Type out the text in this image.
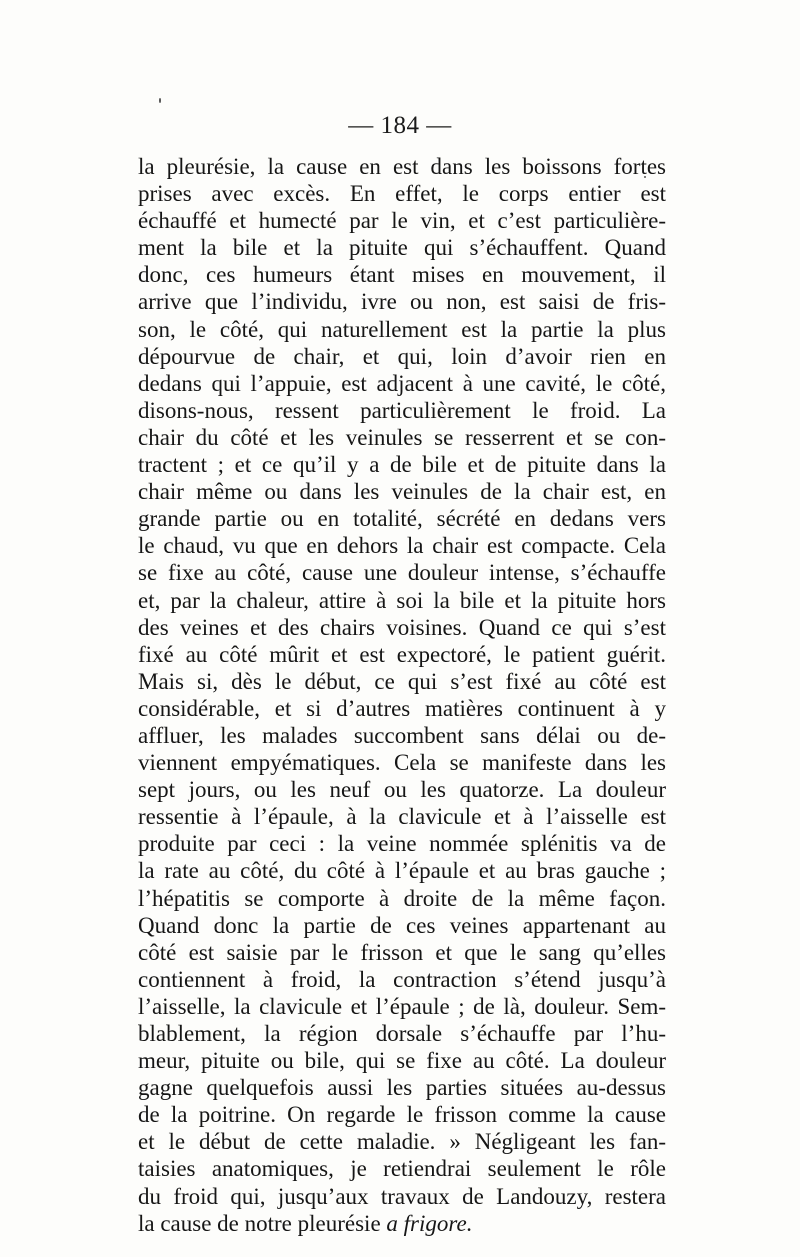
— 184 —
la pleurésie, la cause en est dans les boissons fortes
prises avec excès. En effet, le corps entier est
échauffé et humecté par le vin, et c’est particulière-
ment la bile et la pituite qui s’échauffent. Quand
donc, ces humeurs étant mises en mouvement, il
arrive que l’individu, ivre ou non, est saisi de fris-
son, le côté, qui naturellement est la partie la plus
dépourvue de chair, et qui, loin d’avoir rien en
dedans qui l’appuie, est adjacent à une cavité, le côté,
disons-nous, ressent particulièrement le froid. La
chair du côté et les veinules se resserrent et se con-
tractent ; et ce qu’il y a de bile et de pituite dans la
chair même ou dans les veinules de la chair est, en
grande partie ou en totalité, sécrété en dedans vers
le chaud, vu que en dehors la chair est compacte. Cela
se fixe au côté, cause une douleur intense, s’échauffe
et, par la chaleur, attire à soi la bile et la pituite hors
des veines et des chairs voisines. Quand ce qui s’est
fixé au côté mûrit et est expectoré, le patient guérit.
Mais si, dès le début, ce qui s’est fixé au côté est
considérable, et si d’autres matières continuent à y
affluer, les malades succombent sans délai ou de-
viennent empyématiques. Cela se manifeste dans les
sept jours, ou les neuf ou les quatorze. La douleur
ressentie à l’épaule, à la clavicule et à l’aisselle est
produite par ceci : la veine nommée splénitis va de
la rate au côté, du côté à l’épaule et au bras gauche ;
l’hépatitis se comporte à droite de la même façon.
Quand donc la partie de ces veines appartenant au
côté est saisie par le frisson et que le sang qu’elles
contiennent à froid, la contraction s’étend jusqu’à
l’aisselle, la clavicule et l’épaule ; de là, douleur. Sem-
blablement, la région dorsale s’échauffe par l’hu-
meur, pituite ou bile, qui se fixe au côté. La douleur
gagne quelquefois aussi les parties situées au-dessus
de la poitrine. On regarde le frisson comme la cause
et le début de cette maladie. » Négligeant les fan-
taisies anatomiques, je retiendrai seulement le rôle
du froid qui, jusqu’aux travaux de Landouzy, restera
la cause de notre pleurésie a frigore.
